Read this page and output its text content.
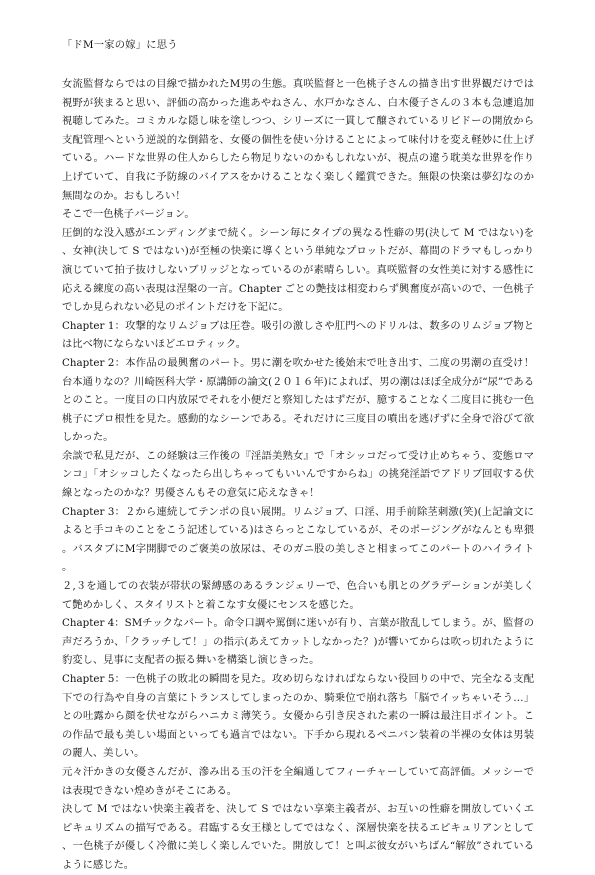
「ドM一家の嫁」に思う

女流監督ならではの目線で描かれたM男の生態。真咲監督と一色桃子さんの描き出す世界観だけでは視野が狭まると思い、評価の高かった進あやねさん、水戸かなさん、白木優子さんの３本も急遽追加視聴してみた。コミカルな隠し味を塗しつつ、シリーズに一貫して醸されているリビドーの開放から支配管理へという逆説的な倒錯を、女優の個性を使い分けることによって味付けを変え軽妙に仕上げている。ハードな世界の住人からしたら物足りないのかもしれないが、視点の違う耽美な世界を作り上げていて、自我に予防線のバイアスをかけることなく楽しく鑑賞できた。無限の快楽は夢幻なのか無間なのか。おもしろい！

そこで一色桃子バージョン。

圧倒的な没入感がエンディングまで続く。シーン毎にタイプの異なる性癖の男(決して M ではない)を、女神(決して S ではない)が至極の快楽に導くという単純なプロットだが、幕間のドラマもしっかり演じていて拍子抜けしないブリッジとなっているのが素晴らしい。真咲監督の女性美に対する感性に応える練度の高い表現は涅槃の一言。Chapter ごとの艶技は相変わらず興奮度が高いので、一色桃子でしか見られない必見のポイントだけを下記に。

Chapter 1：攻撃的なリムジョブは圧巻。吸引の激しさや肛門へのドリルは、数多のリムジョブ物とは比べ物にならないほどエロティック。

Chapter 2：本作品の最興奮のパート。男に潮を吹かせた後始末で吐き出す、二度の男潮の直受け！台本通りなの？川崎医科大学・原講師の論文(２０１６年)によれば、男の潮はほぼ全成分が“尿”であるとのこと。一度目の口内放尿でそれを小便だと察知したはずだが、臆することなく二度目に挑む一色桃子にプロ根性を見た。感動的なシーンである。それだけに三度目の噴出を逃げずに全身で浴びて欲しかった。

余談で私見だが、この経験は三作後の『淫語美熟女』で「オシッコだって受け止めちゃう、変態ロマンコ」「オシッコしたくなったら出しちゃってもいいんですからね」の挑発淫語でアドリブ回収する伏線となったのかな？男優さんもその意気に応えなきゃ！

Chapter 3：２から連続してテンポの良い展開。リムジョブ、口淫、用手前除茎刺激(笑)(上記論文によると手コキのことをこう記述している)はさらっとこなしているが、そのポージングがなんとも卑猥。バスタブにM字開脚でのご褒美の放尿は、そのガニ股の美しさと相まってこのパートのハイライト。

２,３を通しての衣装が帯状の緊縛感のあるランジェリーで、色合いも肌とのグラデーションが美しくて艶めかしく、スタイリストと着こなす女優にセンスを感じた。

Chapter 4：SMチックなパート。命令口調や罵倒に迷いが有り、言葉が散乱してしまう。が、監督の声だろうか、「クラッチして！」の指示(あえてカットしなかった？)が響いてからは吹っ切れたように豹変し、見事に支配者の振る舞いを構築し演じきった。

Chapter 5：一色桃子の敗北の瞬間を見た。攻め切らなければならない役回りの中で、完全なる支配下での行為や自身の言葉にトランスしてしまったのか、騎乗位で崩れ落ち「脳でイッちゃいそう…」との吐露から顔を伏せながらハニカミ薄笑う。女優から引き戻された素の一瞬は最注目ポイント。この作品で最も美しい場面といっても過言ではない。下手から現れるペニバン装着の半裸の女体は男装の麗人、美しい。

元々汗かきの女優さんだが、滲み出る玉の汗を全編通してフィーチャーしていて高評価。メッシーでは表現できない煌めきがそこにある。

決して M ではない快楽主義者を、決して S ではない享楽主義者が、お互いの性癖を開放していくエピキュリズムの描写である。君臨する女王様としてではなく、深層快楽を扶るエピキュリアンとして、一色桃子が優しく冷徹に美しく楽しんでいた。開放して！と叫ぶ彼女がいちばん“解放”されているように感じた。
